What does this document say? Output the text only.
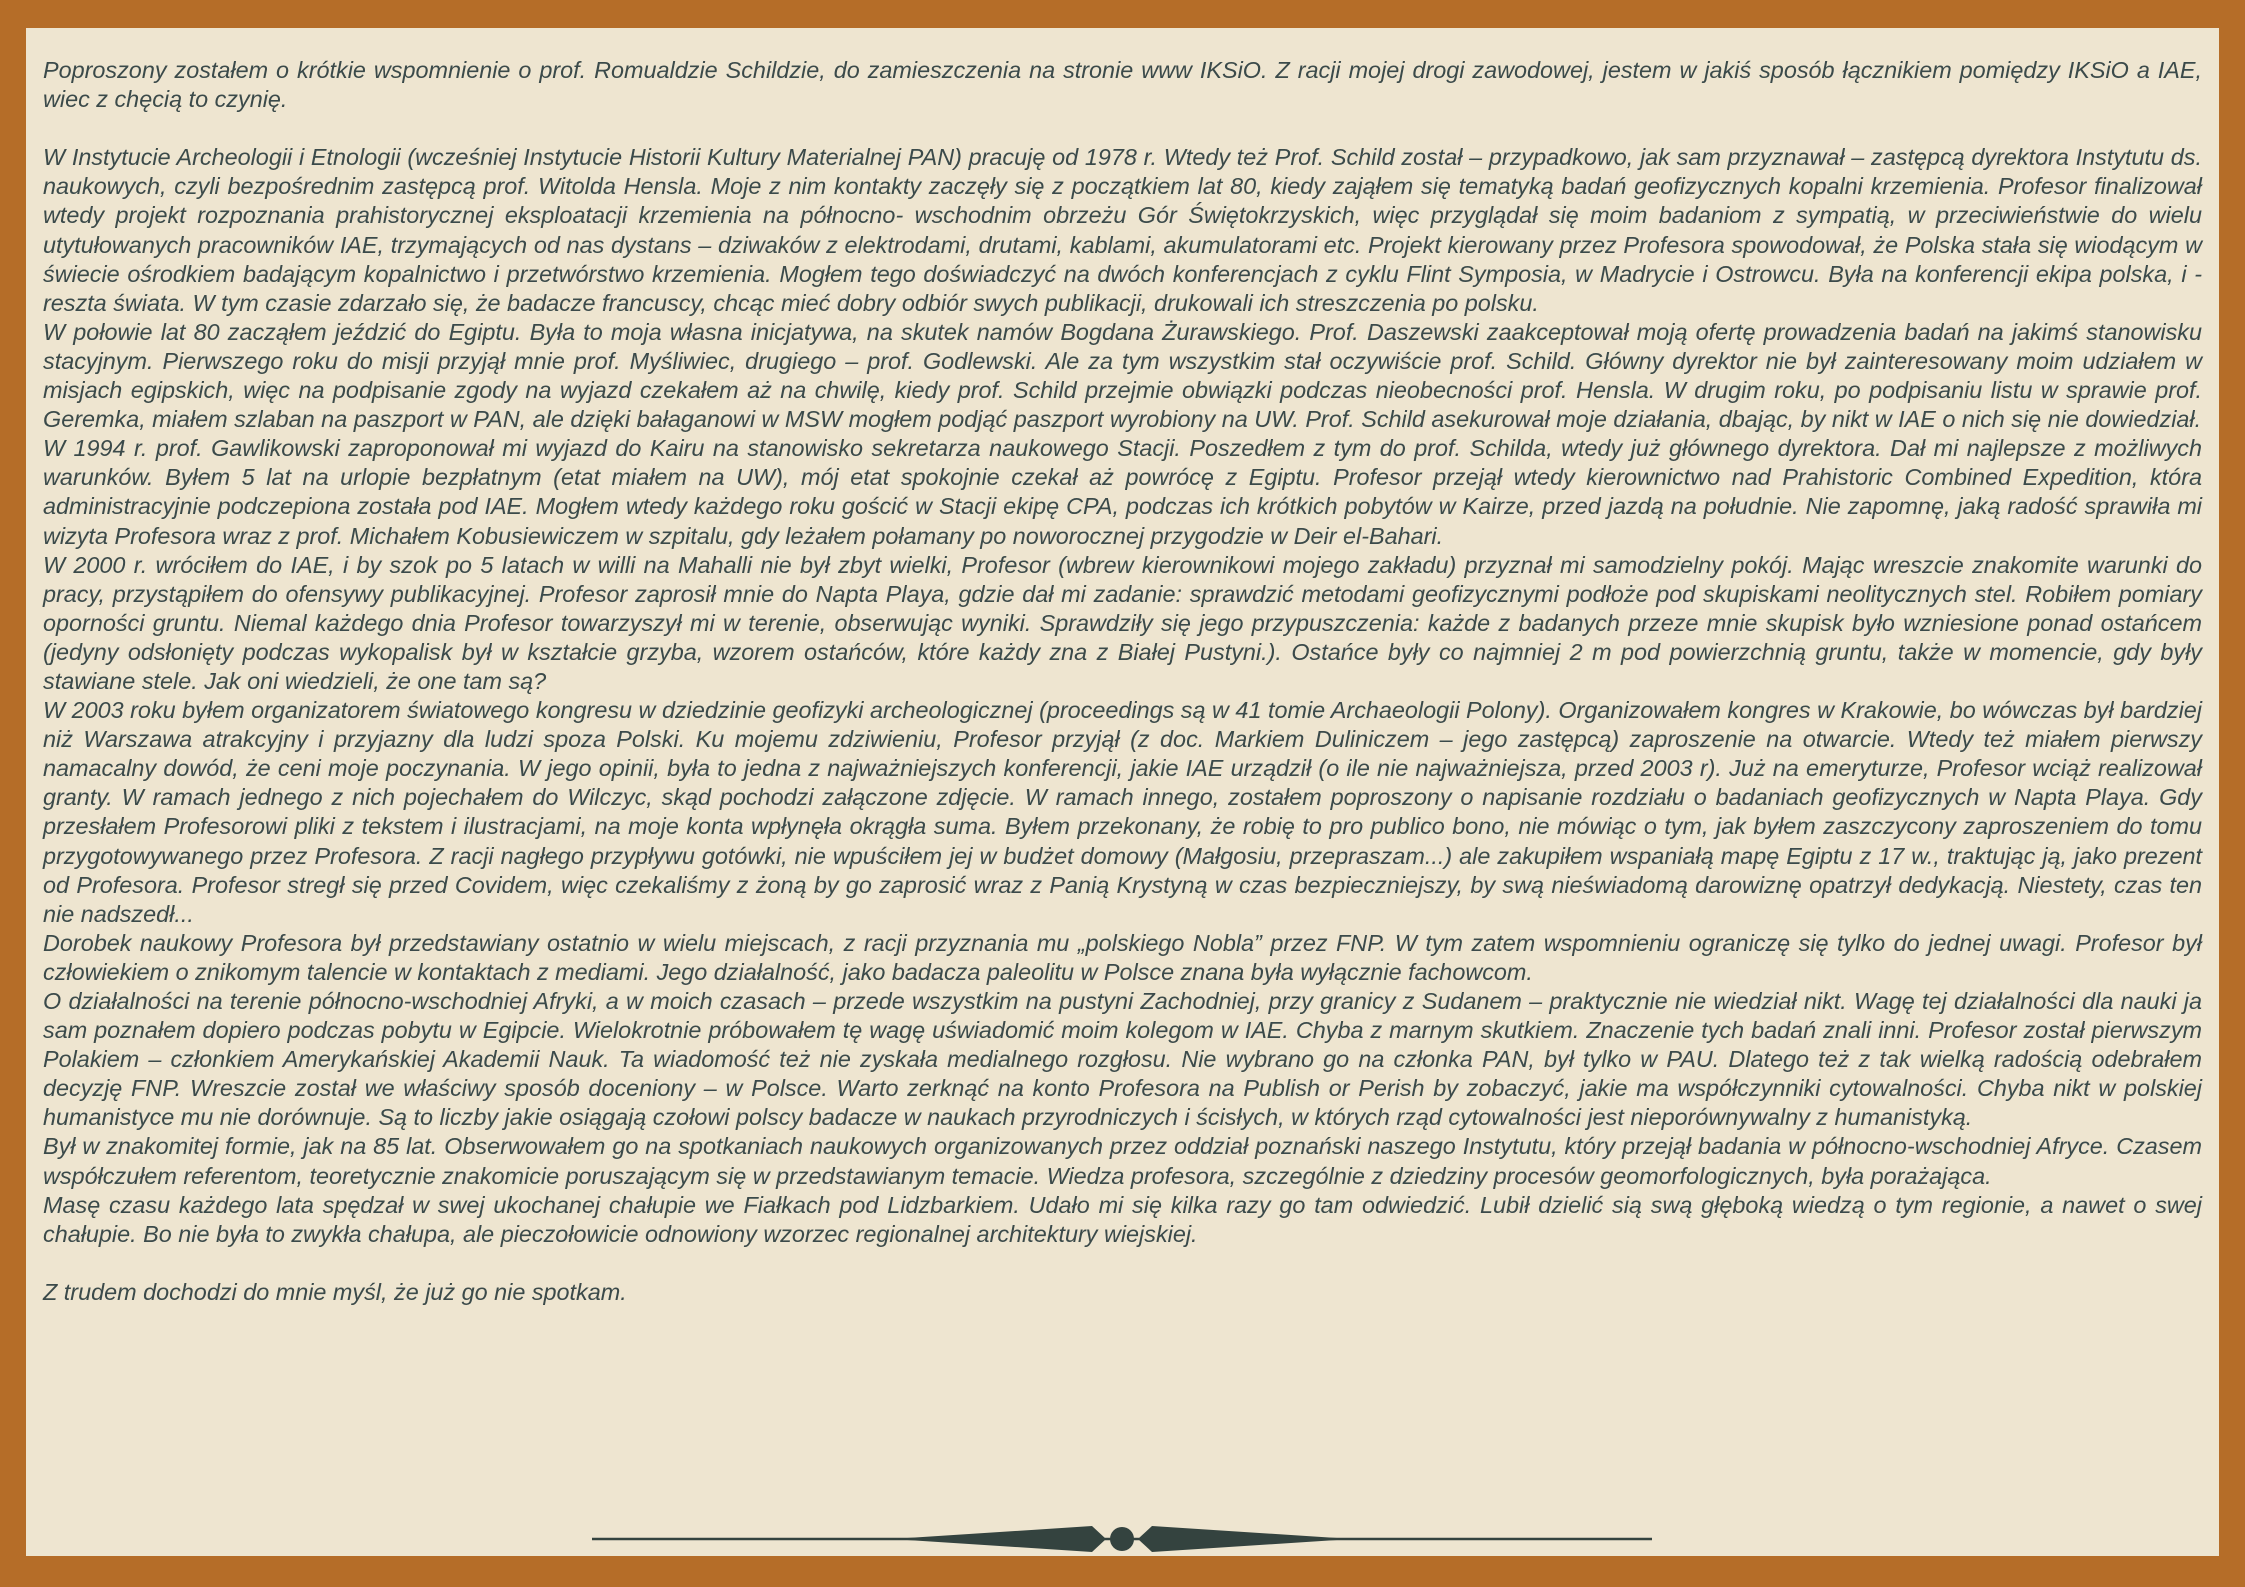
Poproszony zostałem o krótkie wspomnienie o prof. Romualdzie Schildzie, do zamieszczenia na stronie www IKSiO. Z racji mojej drogi zawodowej, jestem w jakiś sposób łącznikiem pomiędzy IKSiO a IAE, wiec z chęcią to czynię.

W Instytucie Archeologii i Etnologii (wcześniej Instytucie Historii Kultury Materialnej PAN) pracuję od 1978 r. Wtedy też Prof. Schild został – przypadkowo, jak sam przyznawał – zastępcą dyrektora Instytutu ds. naukowych, czyli bezpośrednim zastępcą prof. Witolda Hensla. Moje z nim kontakty zaczęły się z początkiem lat 80, kiedy zająłem się tematyką badań geofizycznych kopalni krzemienia. Profesor finalizował wtedy projekt rozpoznania prahistorycznej eksploatacji krzemienia na północno- wschodnim obrzeżu Gór Świętokrzyskich, więc przyglądał się moim badaniom z sympatią, w przeciwieństwie do wielu utytułowanych pracowników IAE, trzymających od nas dystans – dziwaków z elektrodami, drutami, kablami, akumulatorami etc. Projekt kierowany przez Profesora spowodował, że Polska stała się wiodącym w świecie ośrodkiem badającym kopalnictwo i przetwórstwo krzemienia. Mogłem tego doświadczyć na dwóch konferencjach z cyklu Flint Symposia, w Madrycie i Ostrowcu. Była na konferencji ekipa polska, i - reszta świata. W tym czasie zdarzało się, że badacze francuscy, chcąc mieć dobry odbiór swych publikacji, drukowali ich streszczenia po polsku.

W połowie lat 80 zacząłem jeździć do Egiptu. Była to moja własna inicjatywa, na skutek namów Bogdana Żurawskiego. Prof. Daszewski zaakceptował moją ofertę prowadzenia badań na jakimś stanowisku stacyjnym. Pierwszego roku do misji przyjął mnie prof. Myśliwiec, drugiego – prof. Godlewski. Ale za tym wszystkim stał oczywiście prof. Schild. Główny dyrektor nie był zainteresowany moim udziałem w misjach egipskich, więc na podpisanie zgody na wyjazd czekałem aż na chwilę, kiedy prof. Schild przejmie obwiązki podczas nieobecności prof. Hensla. W drugim roku, po podpisaniu listu w sprawie prof. Geremka, miałem szlaban na paszport w PAN, ale dzięki bałaganowi w MSW mogłem podjąć paszport wyrobiony na UW. Prof. Schild asekurował moje działania, dbając, by nikt w IAE o nich się nie dowiedział.

W 1994 r. prof. Gawlikowski zaproponował mi wyjazd do Kairu na stanowisko sekretarza naukowego Stacji. Poszedłem z tym do prof. Schilda, wtedy już głównego dyrektora. Dał mi najlepsze z możliwych warunków. Byłem 5 lat na urlopie bezpłatnym (etat miałem na UW), mój etat spokojnie czekał aż powrócę z Egiptu. Profesor przejął wtedy kierownictwo nad Prahistoric Combined Expedition, która administracyjnie podczepiona została pod IAE. Mogłem wtedy każdego roku gościć w Stacji ekipę CPA, podczas ich krótkich pobytów w Kairze, przed jazdą na południe. Nie zapomnę, jaką radość sprawiła mi wizyta Profesora wraz z prof. Michałem Kobusiewiczem w szpitalu, gdy leżałem połamany po noworocznej przygodzie w Deir el-Bahari.

W 2000 r. wróciłem do IAE, i by szok po 5 latach w willi na Mahalli nie był zbyt wielki, Profesor (wbrew kierownikowi mojego zakładu) przyznał mi samodzielny pokój. Mając wreszcie znakomite warunki do pracy, przystąpiłem do ofensywy publikacyjnej. Profesor zaprosił mnie do Napta Playa, gdzie dał mi zadanie: sprawdzić metodami geofizycznymi podłoże pod skupiskami neolitycznych stel. Robiłem pomiary oporności gruntu. Niemal każdego dnia Profesor towarzyszył mi w terenie, obserwując wyniki. Sprawdziły się jego przypuszczenia: każde z badanych przeze mnie skupisk było wzniesione ponad ostańcem (jedyny odsłonięty podczas wykopalisk był w kształcie grzyba, wzorem ostańców, które każdy zna z Białej Pustyni.). Ostańce były co najmniej 2 m pod powierzchnią gruntu, także w momencie, gdy były stawiane stele. Jak oni wiedzieli, że one tam są?

W 2003 roku byłem organizatorem światowego kongresu w dziedzinie geofizyki archeologicznej (proceedings są w 41 tomie Archaeologii Polony). Organizowałem kongres w Krakowie, bo wówczas był bardziej niż Warszawa atrakcyjny i przyjazny dla ludzi spoza Polski. Ku mojemu zdziwieniu, Profesor przyjął (z doc. Markiem Duliniczem – jego zastępcą) zaproszenie na otwarcie. Wtedy też miałem pierwszy namacalny dowód, że ceni moje poczynania. W jego opinii, była to jedna z najważniejszych konferencji, jakie IAE urządził (o ile nie najważniejsza, przed 2003 r). Już na emeryturze, Profesor wciąż realizował granty. W ramach jednego z nich pojechałem do Wilczyc, skąd pochodzi załączone zdjęcie. W ramach innego, zostałem poproszony o napisanie rozdziału o badaniach geofizycznych w Napta Playa. Gdy przesłałem Profesorowi pliki z tekstem i ilustracjami, na moje konta wpłynęła okrągła suma. Byłem przekonany, że robię to pro publico bono, nie mówiąc o tym, jak byłem zaszczycony zaproszeniem do tomu przygotowywanego przez Profesora. Z racji nagłego przypływu gotówki, nie wpuściłem jej w budżet domowy (Małgosiu, przepraszam...) ale zakupiłem wspaniałą mapę Egiptu z 17 w., traktując ją, jako prezent od Profesora. Profesor stregł się przed Covidem, więc czekaliśmy z żoną by go zaprosić wraz z Panią Krystyną w czas bezpieczniejszy, by swą nieświadomą darowiznę opatrzył dedykacją. Niestety, czas ten nie nadszedł...

Dorobek naukowy Profesora był przedstawiany ostatnio w wielu miejscach, z racji przyznania mu „polskiego Nobla” przez FNP. W tym zatem wspomnieniu ograniczę się tylko do jednej uwagi. Profesor był człowiekiem o znikomym talencie w kontaktach z mediami. Jego działalność, jako badacza paleolitu w Polsce znana była wyłącznie fachowcom.

O działalności na terenie północno-wschodniej Afryki, a w moich czasach – przede wszystkim na pustyni Zachodniej, przy granicy z Sudanem – praktycznie nie wiedział nikt. Wagę tej działalności dla nauki ja sam poznałem dopiero podczas pobytu w Egipcie. Wielokrotnie próbowałem tę wagę uświadomić moim kolegom w IAE. Chyba z marnym skutkiem. Znaczenie tych badań znali inni. Profesor został pierwszym Polakiem – członkiem Amerykańskiej Akademii Nauk. Ta wiadomość też nie zyskała medialnego rozgłosu. Nie wybrano go na członka PAN, był tylko w PAU. Dlatego też z tak wielką radością odebrałem decyzję FNP. Wreszcie został we właściwy sposób doceniony – w Polsce. Warto zerknąć na konto Profesora na Publish or Perish by zobaczyć, jakie ma współczynniki cytowalności. Chyba nikt w polskiej humanistyce mu nie dorównuje. Są to liczby jakie osiągają czołowi polscy badacze w naukach przyrodniczych i ścisłych, w których rząd cytowalności jest nieporównywalny z humanistyką.

Był w znakomitej formie, jak na 85 lat. Obserwowałem go na spotkaniach naukowych organizowanych przez oddział poznański naszego Instytutu, który przejął badania w północno-wschodniej Afryce. Czasem współczułem referentom, teoretycznie znakomicie poruszającym się w przedstawianym temacie. Wiedza profesora, szczególnie z dziedziny procesów geomorfologicznych, była porażająca.

Masę czasu każdego lata spędzał w swej ukochanej chałupie we Fiałkach pod Lidzbarkiem. Udało mi się kilka razy go tam odwiedzić. Lubił dzielić sią swą głęboką wiedzą o tym regionie, a nawet o swej chałupie. Bo nie była to zwykła chałupa, ale pieczołowicie odnowiony wzorzec regionalnej architektury wiejskiej.

Z trudem dochodzi do mnie myśl, że już go nie spotkam.
